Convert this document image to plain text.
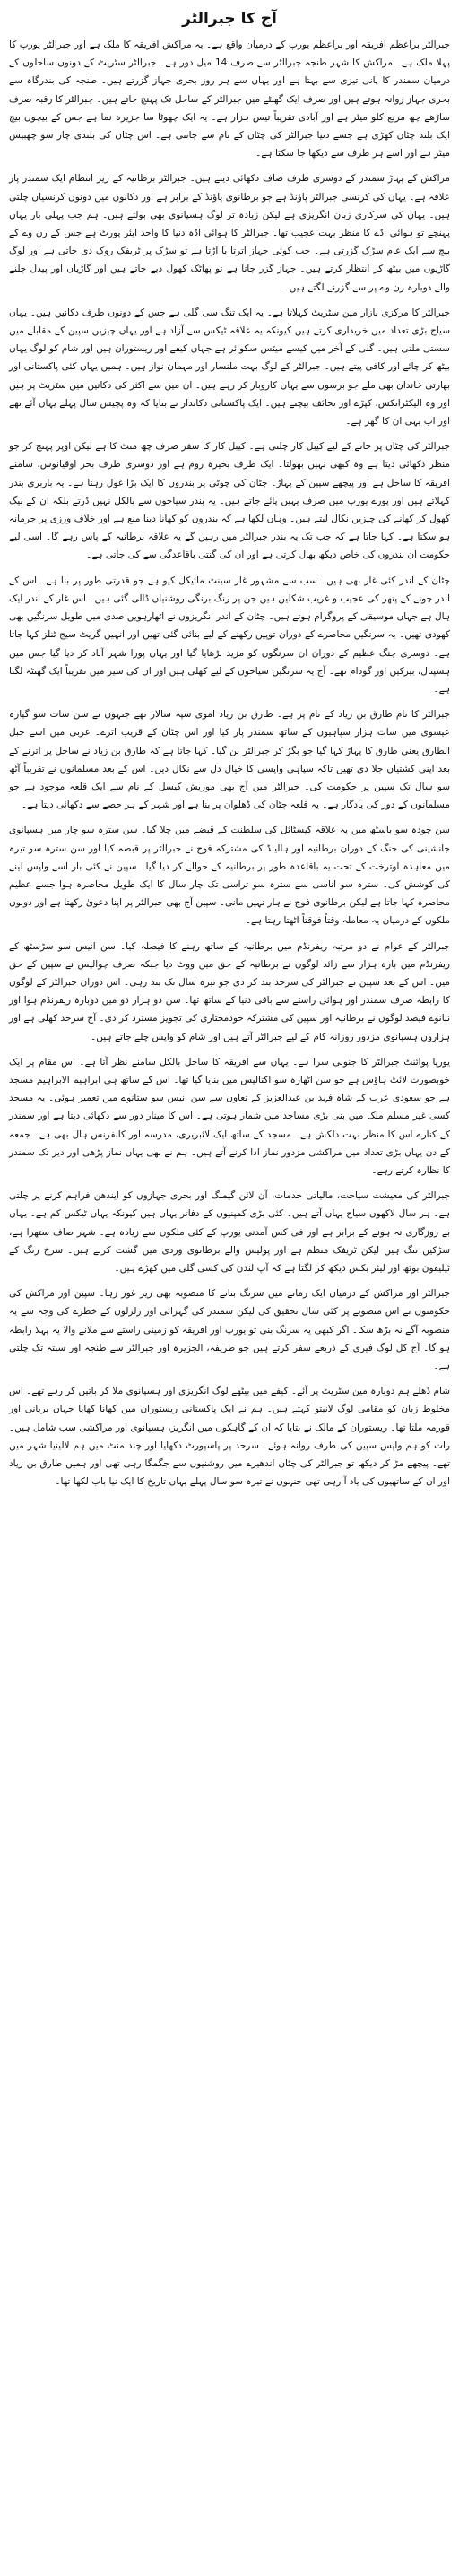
آج کا جبرالٹر

جبرالٹر براعظم افریقہ اور براعظم یورپ کے درمیان واقع ہے۔ یہ مراکش افریقہ کا ملک ہے اور جبرالٹر یورپ کا پہلا ملک ہے۔ مراکش کا شہر طنجہ جبرالٹر سے صرف 14 میل دور ہے۔ جبرالٹر سٹریٹ کے دونوں ساحلوں کے درمیان سمندر کا پانی تیزی سے بہتا ہے اور یہاں سے ہر روز بحری جہاز گزرتے ہیں۔ طنجہ کی بندرگاہ سے بحری جہاز روانہ ہوتے ہیں اور صرف ایک گھنٹے میں جبرالٹر کے ساحل تک پہنچ جاتے ہیں۔ جبرالٹر کا رقبہ صرف ساڑھے چھ مربع کلو میٹر ہے اور آبادی تقریباً تیس ہزار ہے۔ یہ ایک چھوٹا سا جزیرہ نما ہے جس کے بیچوں بیچ ایک بلند چٹان کھڑی ہے جسے دنیا جبرالٹر کی چٹان کے نام سے جانتی ہے۔ اس چٹان کی بلندی چار سو چھبیس میٹر ہے اور اسے ہر طرف سے دیکھا جا سکتا ہے۔

مراکش کے پہاڑ سمندر کے دوسری طرف صاف دکھائی دیتے ہیں۔ جبرالٹر برطانیہ کے زیر انتظام ایک سمندر پار علاقہ ہے۔ یہاں کی کرنسی جبرالٹر پاؤنڈ ہے جو برطانوی پاؤنڈ کے برابر ہے اور دکانوں میں دونوں کرنسیاں چلتی ہیں۔ یہاں کی سرکاری زبان انگریزی ہے لیکن زیادہ تر لوگ ہسپانوی بھی بولتے ہیں۔ ہم جب پہلی بار یہاں پہنچے تو ہوائی اڈے کا منظر بہت عجیب تھا۔ جبرالٹر کا ہوائی اڈہ دنیا کا واحد ایئر پورٹ ہے جس کے رن وے کے بیچ سے ایک عام سڑک گزرتی ہے۔ جب کوئی جہاز اترتا یا اڑتا ہے تو سڑک پر ٹریفک روک دی جاتی ہے اور لوگ گاڑیوں میں بیٹھ کر انتظار کرتے ہیں۔ جہاز گزر جاتا ہے تو پھاٹک کھول دیے جاتے ہیں اور گاڑیاں اور پیدل چلنے والے دوبارہ رن وے پر سے گزرنے لگتے ہیں۔

جبرالٹر کا مرکزی بازار مین سٹریٹ کہلاتا ہے۔ یہ ایک تنگ سی گلی ہے جس کے دونوں طرف دکانیں ہیں۔ یہاں سیاح بڑی تعداد میں خریداری کرتے ہیں کیونکہ یہ علاقہ ٹیکس سے آزاد ہے اور یہاں چیزیں سپین کے مقابلے میں سستی ملتی ہیں۔ گلی کے آخر میں کیسے میٹس سکوائر ہے جہاں کیفے اور ریستوران ہیں اور شام کو لوگ یہاں بیٹھ کر چائے اور کافی پیتے ہیں۔ جبرالٹر کے لوگ بہت ملنسار اور مہمان نواز ہیں۔ ہمیں یہاں کئی پاکستانی اور بھارتی خاندان بھی ملے جو برسوں سے یہاں کاروبار کر رہے ہیں۔ ان میں سے اکثر کی دکانیں مین سٹریٹ پر ہیں اور وہ الیکٹرانکس، کپڑے اور تحائف بیچتے ہیں۔ ایک پاکستانی دکاندار نے بتایا کہ وہ پچیس سال پہلے یہاں آئے تھے اور اب یہی ان کا گھر ہے۔

جبرالٹر کی چٹان پر جانے کے لیے کیبل کار چلتی ہے۔ کیبل کار کا سفر صرف چھ منٹ کا ہے لیکن اوپر پہنچ کر جو منظر دکھائی دیتا ہے وہ کبھی نہیں بھولتا۔ ایک طرف بحیرہ روم ہے اور دوسری طرف بحر اوقیانوس، سامنے افریقہ کا ساحل ہے اور پیچھے سپین کے پہاڑ۔ چٹان کی چوٹی پر بندروں کا ایک بڑا غول رہتا ہے۔ یہ باربری بندر کہلاتے ہیں اور پورے یورپ میں صرف یہیں پائے جاتے ہیں۔ یہ بندر سیاحوں سے بالکل نہیں ڈرتے بلکہ ان کے بیگ کھول کر کھانے کی چیزیں نکال لیتے ہیں۔ وہاں لکھا ہے کہ بندروں کو کھانا دینا منع ہے اور خلاف ورزی پر جرمانہ ہو سکتا ہے۔ کہا جاتا ہے کہ جب تک یہ بندر جبرالٹر میں رہیں گے یہ علاقہ برطانیہ کے پاس رہے گا۔ اسی لیے حکومت ان بندروں کی خاص دیکھ بھال کرتی ہے اور ان کی گنتی باقاعدگی سے کی جاتی ہے۔

چٹان کے اندر کئی غار بھی ہیں۔ سب سے مشہور غار سینٹ مائیکل کیو ہے جو قدرتی طور پر بنا ہے۔ اس کے اندر چونے کے پتھر کی عجیب و غریب شکلیں ہیں جن پر رنگ برنگی روشنیاں ڈالی گئی ہیں۔ اس غار کے اندر ایک ہال ہے جہاں موسیقی کے پروگرام ہوتے ہیں۔ چٹان کے اندر انگریزوں نے اٹھارہویں صدی میں طویل سرنگیں بھی کھودی تھیں۔ یہ سرنگیں محاصرے کے دوران توپیں رکھنے کے لیے بنائی گئی تھیں اور انہیں گریٹ سیج ٹنلز کہا جاتا ہے۔ دوسری جنگ عظیم کے دوران ان سرنگوں کو مزید بڑھایا گیا اور یہاں پورا شہر آباد کر دیا گیا جس میں ہسپتال، بیرکیں اور گودام تھے۔ آج یہ سرنگیں سیاحوں کے لیے کھلی ہیں اور ان کی سیر میں تقریباً ایک گھنٹہ لگتا ہے۔

جبرالٹر کا نام طارق بن زیاد کے نام پر ہے۔ طارق بن زیاد اموی سپہ سالار تھے جنہوں نے سن سات سو گیارہ عیسوی میں سات ہزار سپاہیوں کے ساتھ سمندر پار کیا اور اس چٹان کے قریب اترے۔ عربی میں اسے جبل الطارق یعنی طارق کا پہاڑ کہا گیا جو بگڑ کر جبرالٹر بن گیا۔ کہا جاتا ہے کہ طارق بن زیاد نے ساحل پر اترنے کے بعد اپنی کشتیاں جلا دی تھیں تاکہ سپاہی واپسی کا خیال دل سے نکال دیں۔ اس کے بعد مسلمانوں نے تقریباً آٹھ سو سال تک سپین پر حکومت کی۔ جبرالٹر میں آج بھی موریش کیسل کے نام سے ایک قلعہ موجود ہے جو مسلمانوں کے دور کی یادگار ہے۔ یہ قلعہ چٹان کی ڈھلوان پر بنا ہے اور شہر کے ہر حصے سے دکھائی دیتا ہے۔

سن چودہ سو باسٹھ میں یہ علاقہ کیسٹائل کی سلطنت کے قبضے میں چلا گیا۔ سن سترہ سو چار میں ہسپانوی جانشینی کی جنگ کے دوران برطانیہ اور ہالینڈ کی مشترکہ فوج نے جبرالٹر پر قبضہ کیا اور سن سترہ سو تیرہ میں معاہدہ اوترخت کے تحت یہ باقاعدہ طور پر برطانیہ کے حوالے کر دیا گیا۔ سپین نے کئی بار اسے واپس لینے کی کوشش کی۔ سترہ سو اناسی سے سترہ سو تراسی تک چار سال کا ایک طویل محاصرہ ہوا جسے عظیم محاصرہ کہا جاتا ہے لیکن برطانوی فوج نے ہار نہیں مانی۔ سپین آج بھی جبرالٹر پر اپنا دعویٰ رکھتا ہے اور دونوں ملکوں کے درمیان یہ معاملہ وقتاً فوقتاً اٹھتا رہتا ہے۔

جبرالٹر کے عوام نے دو مرتبہ ریفرنڈم میں برطانیہ کے ساتھ رہنے کا فیصلہ کیا۔ سن انیس سو سڑسٹھ کے ریفرنڈم میں بارہ ہزار سے زائد لوگوں نے برطانیہ کے حق میں ووٹ دیا جبکہ صرف چوالیس نے سپین کے حق میں۔ اس کے بعد سپین نے جبرالٹر کی سرحد بند کر دی جو تیرہ سال تک بند رہی۔ اس دوران جبرالٹر کے لوگوں کا رابطہ صرف سمندر اور ہوائی راستے سے باقی دنیا کے ساتھ تھا۔ سن دو ہزار دو میں دوبارہ ریفرنڈم ہوا اور ننانوے فیصد لوگوں نے برطانیہ اور سپین کی مشترکہ خودمختاری کی تجویز مسترد کر دی۔ آج سرحد کھلی ہے اور ہزاروں ہسپانوی مزدور روزانہ کام کے لیے جبرالٹر آتے ہیں اور شام کو واپس چلے جاتے ہیں۔

یورپا پوائنٹ جبرالٹر کا جنوبی سرا ہے۔ یہاں سے افریقہ کا ساحل بالکل سامنے نظر آتا ہے۔ اس مقام پر ایک خوبصورت لائٹ ہاؤس ہے جو سن اٹھارہ سو اکتالیس میں بنایا گیا تھا۔ اس کے ساتھ ہی ابراہیم الابراہیم مسجد ہے جو سعودی عرب کے شاہ فہد بن عبدالعزیز کے تعاون سے سن انیس سو ستانوے میں تعمیر ہوئی۔ یہ مسجد کسی غیر مسلم ملک میں بنی بڑی مساجد میں شمار ہوتی ہے۔ اس کا مینار دور سے دکھائی دیتا ہے اور سمندر کے کنارے اس کا منظر بہت دلکش ہے۔ مسجد کے ساتھ ایک لائبریری، مدرسہ اور کانفرنس ہال بھی ہے۔ جمعہ کے دن یہاں بڑی تعداد میں مراکشی مزدور نماز ادا کرنے آتے ہیں۔ ہم نے بھی یہاں نماز پڑھی اور دیر تک سمندر کا نظارہ کرتے رہے۔

جبرالٹر کی معیشت سیاحت، مالیاتی خدمات، آن لائن گیمنگ اور بحری جہازوں کو ایندھن فراہم کرنے پر چلتی ہے۔ ہر سال لاکھوں سیاح یہاں آتے ہیں۔ کئی بڑی کمپنیوں کے دفاتر یہاں ہیں کیونکہ یہاں ٹیکس کم ہے۔ یہاں بے روزگاری نہ ہونے کے برابر ہے اور فی کس آمدنی یورپ کے کئی ملکوں سے زیادہ ہے۔ شہر صاف ستھرا ہے، سڑکیں تنگ ہیں لیکن ٹریفک منظم ہے اور پولیس والے برطانوی وردی میں گشت کرتے ہیں۔ سرخ رنگ کے ٹیلیفون بوتھ اور لیٹر بکس دیکھ کر لگتا ہے کہ آپ لندن کی کسی گلی میں کھڑے ہیں۔

جبرالٹر اور مراکش کے درمیان ایک زمانے میں سرنگ بنانے کا منصوبہ بھی زیر غور رہا۔ سپین اور مراکش کی حکومتوں نے اس منصوبے پر کئی سال تحقیق کی لیکن سمندر کی گہرائی اور زلزلوں کے خطرے کی وجہ سے یہ منصوبہ آگے نہ بڑھ سکا۔ اگر کبھی یہ سرنگ بنی تو یورپ اور افریقہ کو زمینی راستے سے ملانے والا یہ پہلا رابطہ ہو گا۔ آج کل لوگ فیری کے ذریعے سفر کرتے ہیں جو طریفہ، الجزیرہ اور جبرالٹر سے طنجہ اور سبتہ تک چلتی ہے۔

شام ڈھلے ہم دوبارہ مین سٹریٹ پر آئے۔ کیفے میں بیٹھے لوگ انگریزی اور ہسپانوی ملا کر باتیں کر رہے تھے۔ اس مخلوط زبان کو مقامی لوگ لانیتو کہتے ہیں۔ ہم نے ایک پاکستانی ریستوران میں کھانا کھایا جہاں بریانی اور قورمہ ملتا تھا۔ ریستوران کے مالک نے بتایا کہ ان کے گاہکوں میں انگریز، ہسپانوی اور مراکشی سب شامل ہیں۔ رات کو ہم واپس سپین کی طرف روانہ ہوئے۔ سرحد پر پاسپورٹ دکھایا اور چند منٹ میں ہم لالینیا شہر میں تھے۔ پیچھے مڑ کر دیکھا تو جبرالٹر کی چٹان اندھیرے میں روشنیوں سے جگمگا رہی تھی اور ہمیں طارق بن زیاد اور ان کے ساتھیوں کی یاد آ رہی تھی جنہوں نے تیرہ سو سال پہلے یہاں تاریخ کا ایک نیا باب لکھا تھا۔
